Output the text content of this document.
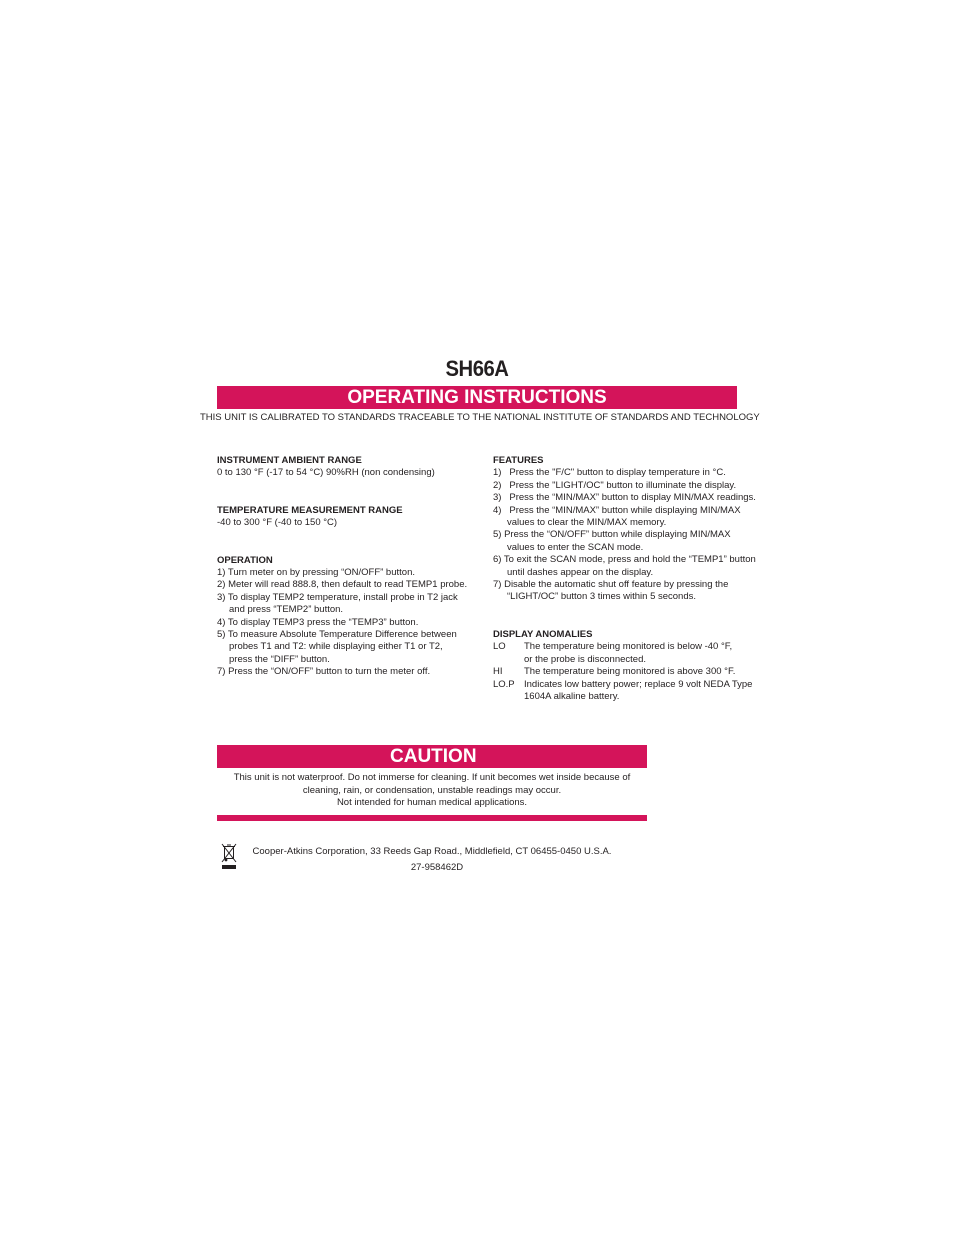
SH66A
OPERATING INSTRUCTIONS
THIS UNIT IS CALIBRATED TO STANDARDS TRACEABLE TO THE NATIONAL INSTITUTE OF STANDARDS AND TECHNOLOGY

INSTRUMENT AMBIENT RANGE

0 to 130 °F (-17 to 54 °C) 90%RH (non condensing)

TEMPERATURE MEASUREMENT RANGE

-40 to 300 °F (-40 to 150 °C)

OPERATION

1) Turn meter on by pressing “ON/OFF” button.

2) Meter will read 888.8, then default to read TEMP1 probe.

3) To display TEMP2 temperature, install probe in T2 jack

and press “TEMP2” button.

4) To display TEMP3 press the “TEMP3” button.

5) To measure Absolute Temperature Difference between

probes T1 and T2: while displaying either T1 or T2,

press the “DIFF” button.

7) Press the “ON/OFF” button to turn the meter off.

FEATURES

1)   Press the "F/C" button to display temperature in °C.

2)   Press the "LIGHT/OC" button to illuminate the display.

3)   Press the “MIN/MAX” button to display MIN/MAX readings.

4)   Press the “MIN/MAX” button while displaying MIN/MAX

values to clear the MIN/MAX memory.

5) Press the “ON/OFF” button while displaying MIN/MAX

values to enter the SCAN mode.

6) To exit the SCAN mode, press and hold the “TEMP1” button

until dashes appear on the display.

7) Disable the automatic shut off feature by pressing the

“LIGHT/OC” button 3 times within 5 seconds.

DISPLAY ANOMALIES

LO	The temperature being monitored is below -40 °F,
or the probe is disconnected.
HI	The temperature being monitored is above 300 °F.
LO.P Indicates low battery power; replace 9 volt NEDA Type
1604A alkaline battery.
CAUTION
This unit is not waterproof. Do not immerse for cleaning. If unit becomes wet inside because of
cleaning, rain, or condensation, unstable readings may occur.
Not intended for human medical applications.
Cooper-Atkins Corporation, 33 Reeds Gap Road., Middlefield, CT 06455-0450 U.S.A.
27-958462D
